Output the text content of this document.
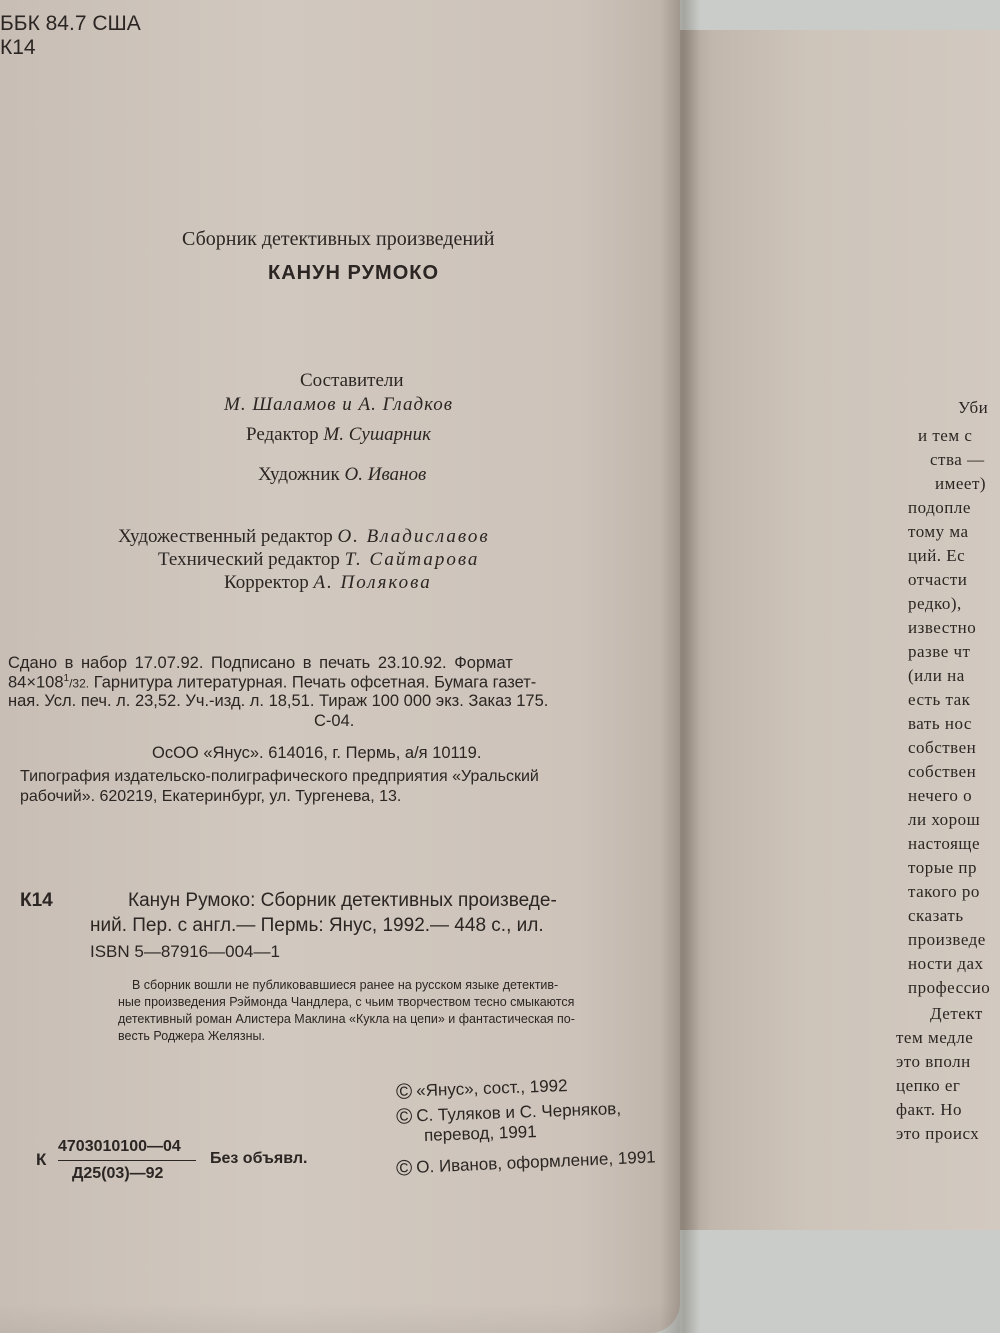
ББК 84.7 США
К14
Сборник детективных произведений
КАНУН РУМОКО
Составители
М. Шаламов и А. Гладков
Редактор М. Сушарник
Художник О. Иванов
Художественный редактор О. Владиславов
Технический редактор Т. Сайтарова
Корректор А. Полякова
Сдано в набор 17.07.92. Подписано в печать 23.10.92. Формат
$84\times 108^1/32$. Гарнитура литературная. Печать офсетная. Бумага газет-
ная. Усл. печ. л. 23,52. Уч.-изд. л. 18,51. Тираж 100 000 экз. Заказ 175.
С-04.
ОсОО «Янус». 614016, г. Пермь, а/я 10119.
Типография издательско-полиграфического предприятия «Уральский
рабочий». 620219, Екатеринбург, ул. Тургенева, 13.
К14	Канун Румоко: Сборник детективных произведе-
ний. Пер. с англ.— Пермь: Янус, 1992.— 448 с., ил.
ISBN 5—87916—004—1
В сборник вошли не публиковавшиеся ранее на русском языке детектив-
ные произведения Рэймонда Чандлера, с чьим творчеством тесно смыкаются
детективный роман Алистера Маклина «Кукла на цепи» и фантастическая по-
весть Роджера Желязны.
К
4703010100—04
Д25(03)—92
Без объявл.
© «Янус», сост., 1992
© С. Туляков и С. Черняков,
перевод, 1991
© О. Иванов, оформление, 1991
Уби
и тем с
ства —
имеет)
подопле
тому ма
ций. Ес
отчасти
редко),
известно
разве чт
(или на
есть так
вать нос
собствен
собствен
нечего о
ли хорош
настояще
торые пр
такого ро
сказать
произведе
ности дах
профессио
Детект
тем медле
это вполн
цепко ег
факт. Но
это происх
